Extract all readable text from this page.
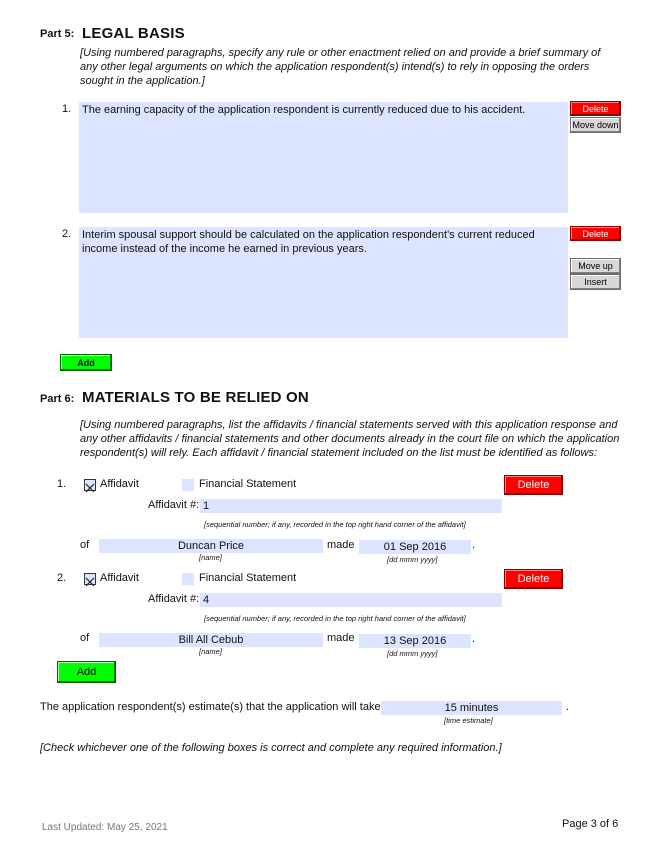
Part 5: LEGAL BASIS
[Using numbered paragraphs, specify any rule or other enactment relied on and provide a brief summary of any other legal arguments on which the application respondent(s) intend(s) to rely in opposing the orders sought in the application.]
1. The earning capacity of the application respondent is currently reduced due to his accident.	Delete
Move down
2. Interim spousal support should be calculated on the application respondent's current reduced income instead of the income he earned in previous years.
Delete
Move up
Insert
Add
Part 6: MATERIALS TO BE RELIED ON
[Using numbered paragraphs, list the affidavits / financial statements served with this application response and any other affidavits / financial statements and other documents already in the court file on which the application respondent(s) will rely. Each affidavit / financial statement included on the list must be identified as follows:
1.	Affidavit	Financial Statement	Delete
Affidavit #: 1
[sequential number; if any, recorded in the top right hand corner of the affidavit]
of	Duncan Price
[name]
made	01 Sep 2016	.
[dd mmm yyyy]
2.	Affidavit	Financial Statement	Delete
Affidavit #: 4
[sequential number; if any, recorded in the top right hand corner of the affidavit]
of	Bill All Cebub
[name]
made	13 Sep 2016	.
[dd mmm yyyy]
Add
The application respondent(s) estimate(s) that the application will take	15 minutes	.
[time estimate]
[Check whichever one of the following boxes is correct and complete any required information.]
Last Updated: May 25, 2021	Page 3 of 6
